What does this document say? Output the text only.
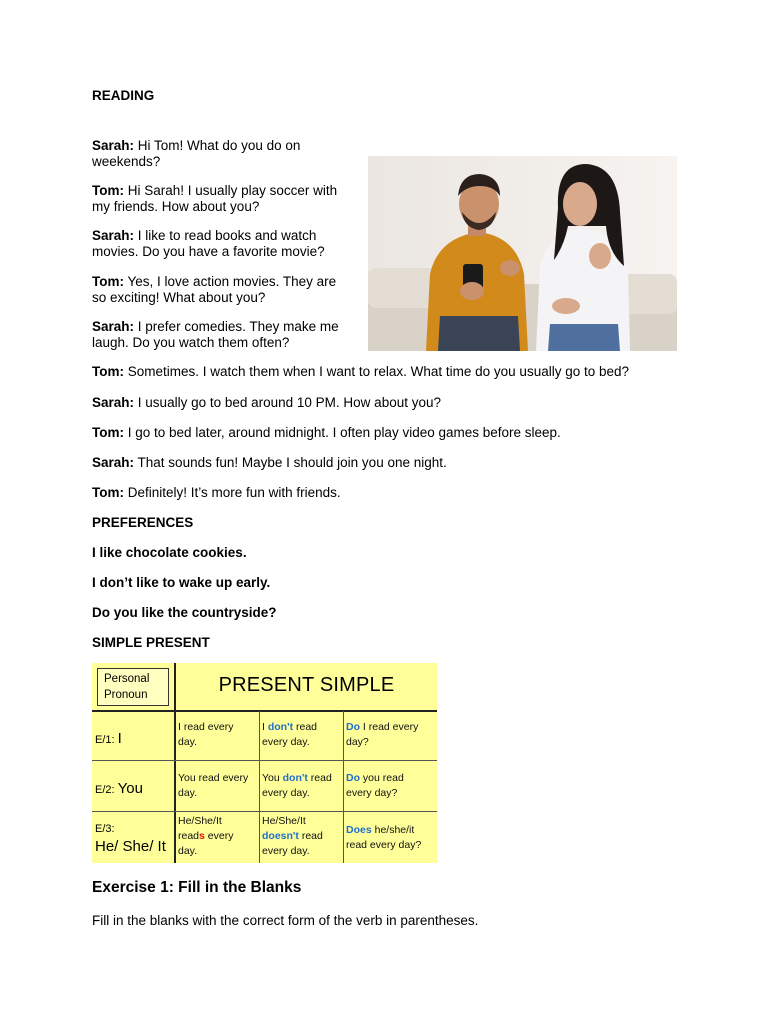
READING
Sarah: Hi Tom! What do you do on
weekends?
Tom: Hi Sarah! I usually play soccer with
my friends. How about you?
Sarah: I like to read books and watch
movies. Do you have a favorite movie?
Tom: Yes, I love action movies. They are
so exciting! What about you?
Sarah: I prefer comedies. They make me
laugh. Do you watch them often?
Tom: Sometimes. I watch them when I want to relax. What time do you usually go to bed?
Sarah: I usually go to bed around 10 PM. How about you?
Tom: I go to bed later, around midnight. I often play video games before sleep.
Sarah: That sounds fun! Maybe I should join you one night.
Tom: Definitely! It’s more fun with friends.
PREFERENCES
I like chocolate cookies.
I don’t like to wake up early.
Do you like the countryside?
SIMPLE PRESENT
Personal
Pronoun	PRESENT SIMPLE
E/1: I
I read every
day.
I don't read
every day.
Do I read every
day?
E/2: You
You read every
day.
You don't read
every day.
Do you read
every day?
E/3:
He/ She/ It
He/She/It
reads every
day.
He/She/It
doesn't read
every day.
Does he/she/it
read every day?
Exercise 1: Fill in the Blanks
Fill in the blanks with the correct form of the verb in parentheses.
